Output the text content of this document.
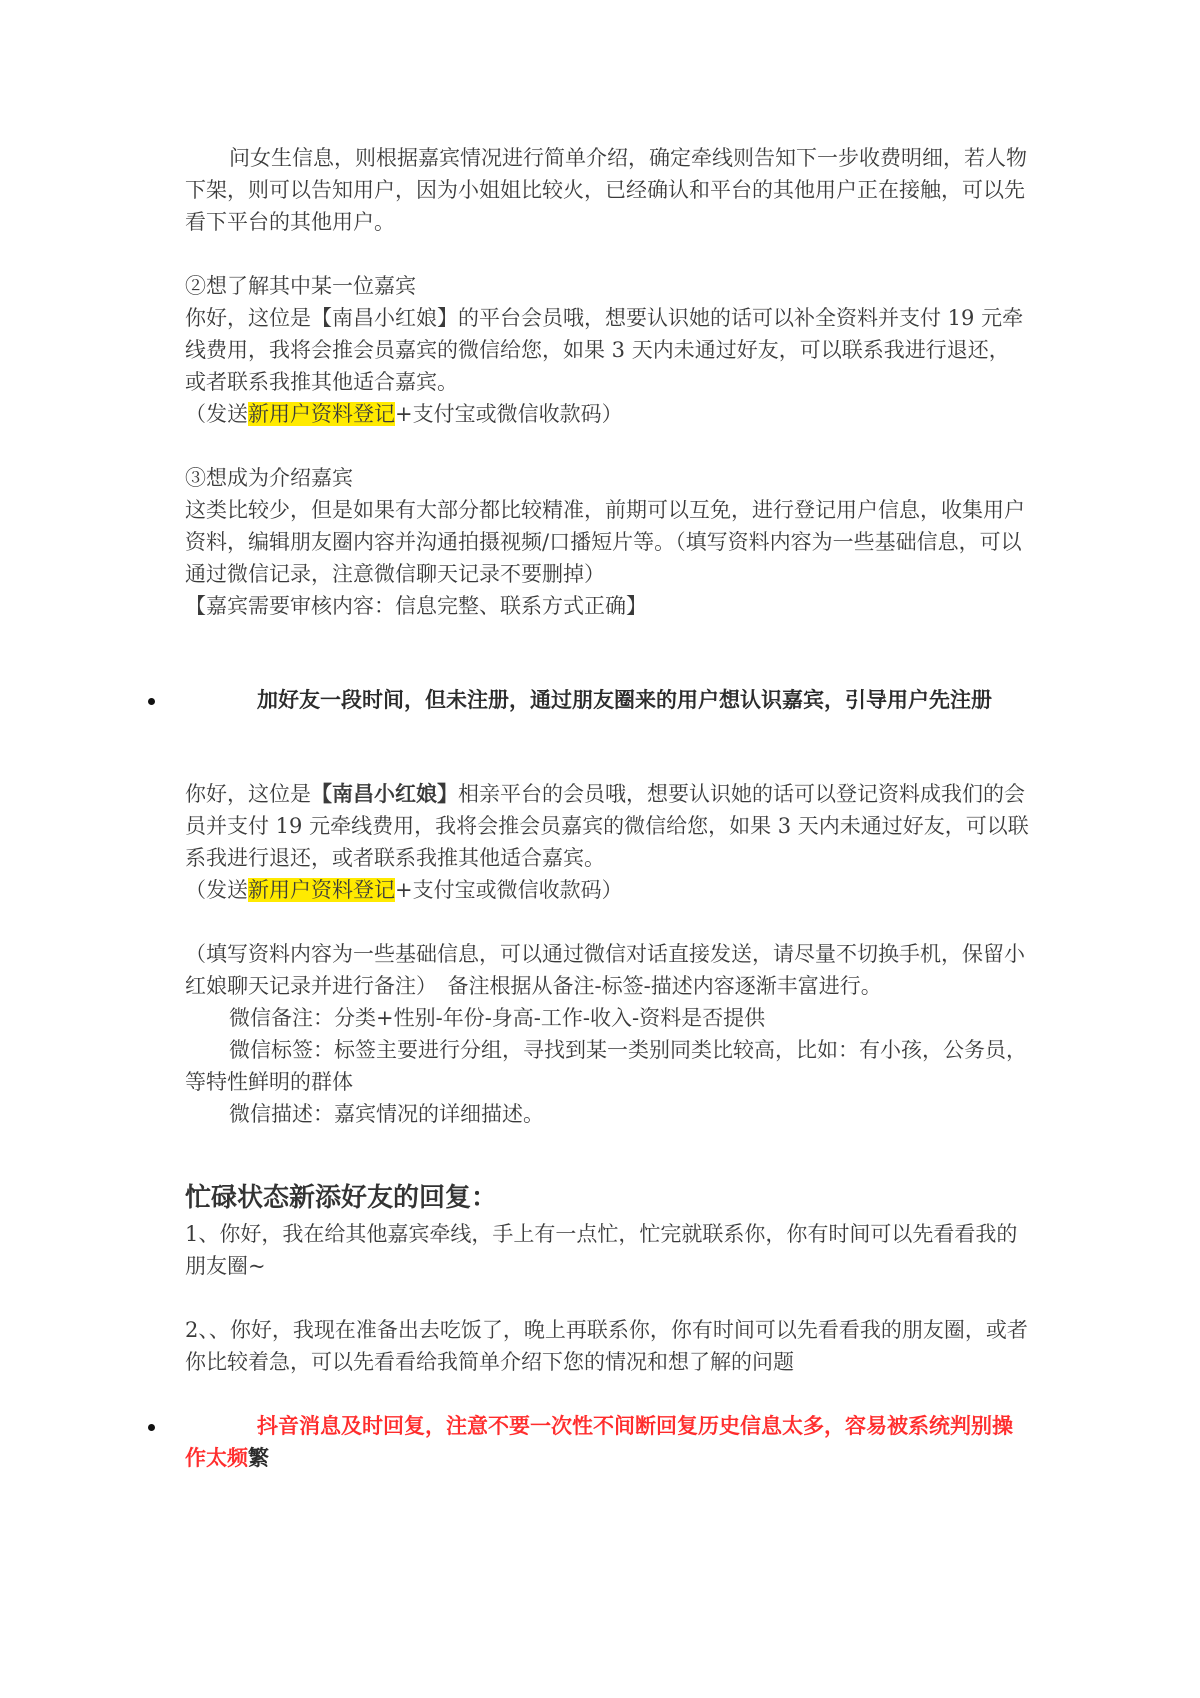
问女生信息，则根据嘉宾情况进行简单介绍，确定牵线则告知下一步收费明细，若人物下架，则可以告知用户，因为小姐姐比较火，已经确认和平台的其他用户正在接触，可以先看下平台的其他用户。

②想了解其中某一位嘉宾

你好，这位是【南昌小红娘】的平台会员哦，想要认识她的话可以补全资料并支付 19 元牵线费用，我将会推会员嘉宾的微信给您，如果 3 天内未通过好友，可以联系我进行退还，或者联系我推其他适合嘉宾。

（发送新用户资料登记+支付宝或微信收款码）

③想成为介绍嘉宾

这类比较少，但是如果有大部分都比较精准，前期可以互免，进行登记用户信息，收集用户资料，编辑朋友圈内容并沟通拍摄视频/口播短片等。（填写资料内容为一些基础信息，可以通过微信记录，注意微信聊天记录不要删掉）

【嘉宾需要审核内容：信息完整、联系方式正确】

加好友一段时间，但未注册，通过朋友圈来的用户想认识嘉宾，引导用户先注册

你好，这位是【南昌小红娘】相亲平台的会员哦，想要认识她的话可以登记资料成我们的会员并支付 19 元牵线费用，我将会推会员嘉宾的微信给您，如果 3 天内未通过好友，可以联系我进行退还，或者联系我推其他适合嘉宾。

（发送新用户资料登记+支付宝或微信收款码）

（填写资料内容为一些基础信息，可以通过微信对话直接发送，请尽量不切换手机，保留小红娘聊天记录并进行备注）　备注根据从备注-标签-描述内容逐渐丰富进行。

微信备注：分类+性别-年份-身高-工作-收入-资料是否提供

微信标签：标签主要进行分组，寻找到某一类别同类比较高，比如：有小孩，公务员，等特性鲜明的群体

微信描述：嘉宾情况的详细描述。

忙碌状态新添好友的回复：

1、你好，我在给其他嘉宾牵线，手上有一点忙，忙完就联系你，你有时间可以先看看我的朋友圈~

2、、你好，我现在准备出去吃饭了，晚上再联系你，你有时间可以先看看我的朋友圈，或者你比较着急，可以先看看给我简单介绍下您的情况和想了解的问题

抖音消息及时回复，注意不要一次性不间断回复历史信息太多，容易被系统判别操作太频繁
